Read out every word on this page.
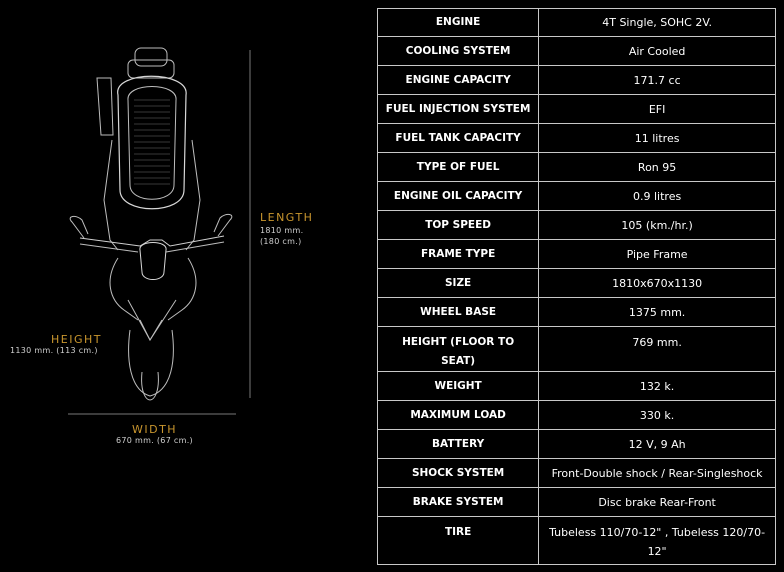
LENGTH
1810 mm.
(180 cm.)
HEIGHT
1130 mm. (113 cm.)
WIDTH
670 mm. (67 cm.)
ENGINE	4T Single, SOHC 2V.
COOLING SYSTEM	Air Cooled
ENGINE CAPACITY	171.7 cc
FUEL INJECTION SYSTEM	EFI
FUEL TANK CAPACITY	11 litres
TYPE OF FUEL	Ron 95
ENGINE OIL CAPACITY	0.9 litres
TOP SPEED	105 (km./hr.)
FRAME TYPE	Pipe Frame
SIZE	1810x670x1130
WHEEL BASE	1375 mm.
HEIGHT (FLOOR TO SEAT)	769 mm.
WEIGHT	132 k.
MAXIMUM LOAD	330 k.
BATTERY	12 V, 9 Ah
SHOCK SYSTEM	Front-Double shock / Rear-Singleshock
BRAKE SYSTEM	Disc brake Rear-Front
TIRE	Tubeless 110/70-12" , Tubeless 120/70-12"
